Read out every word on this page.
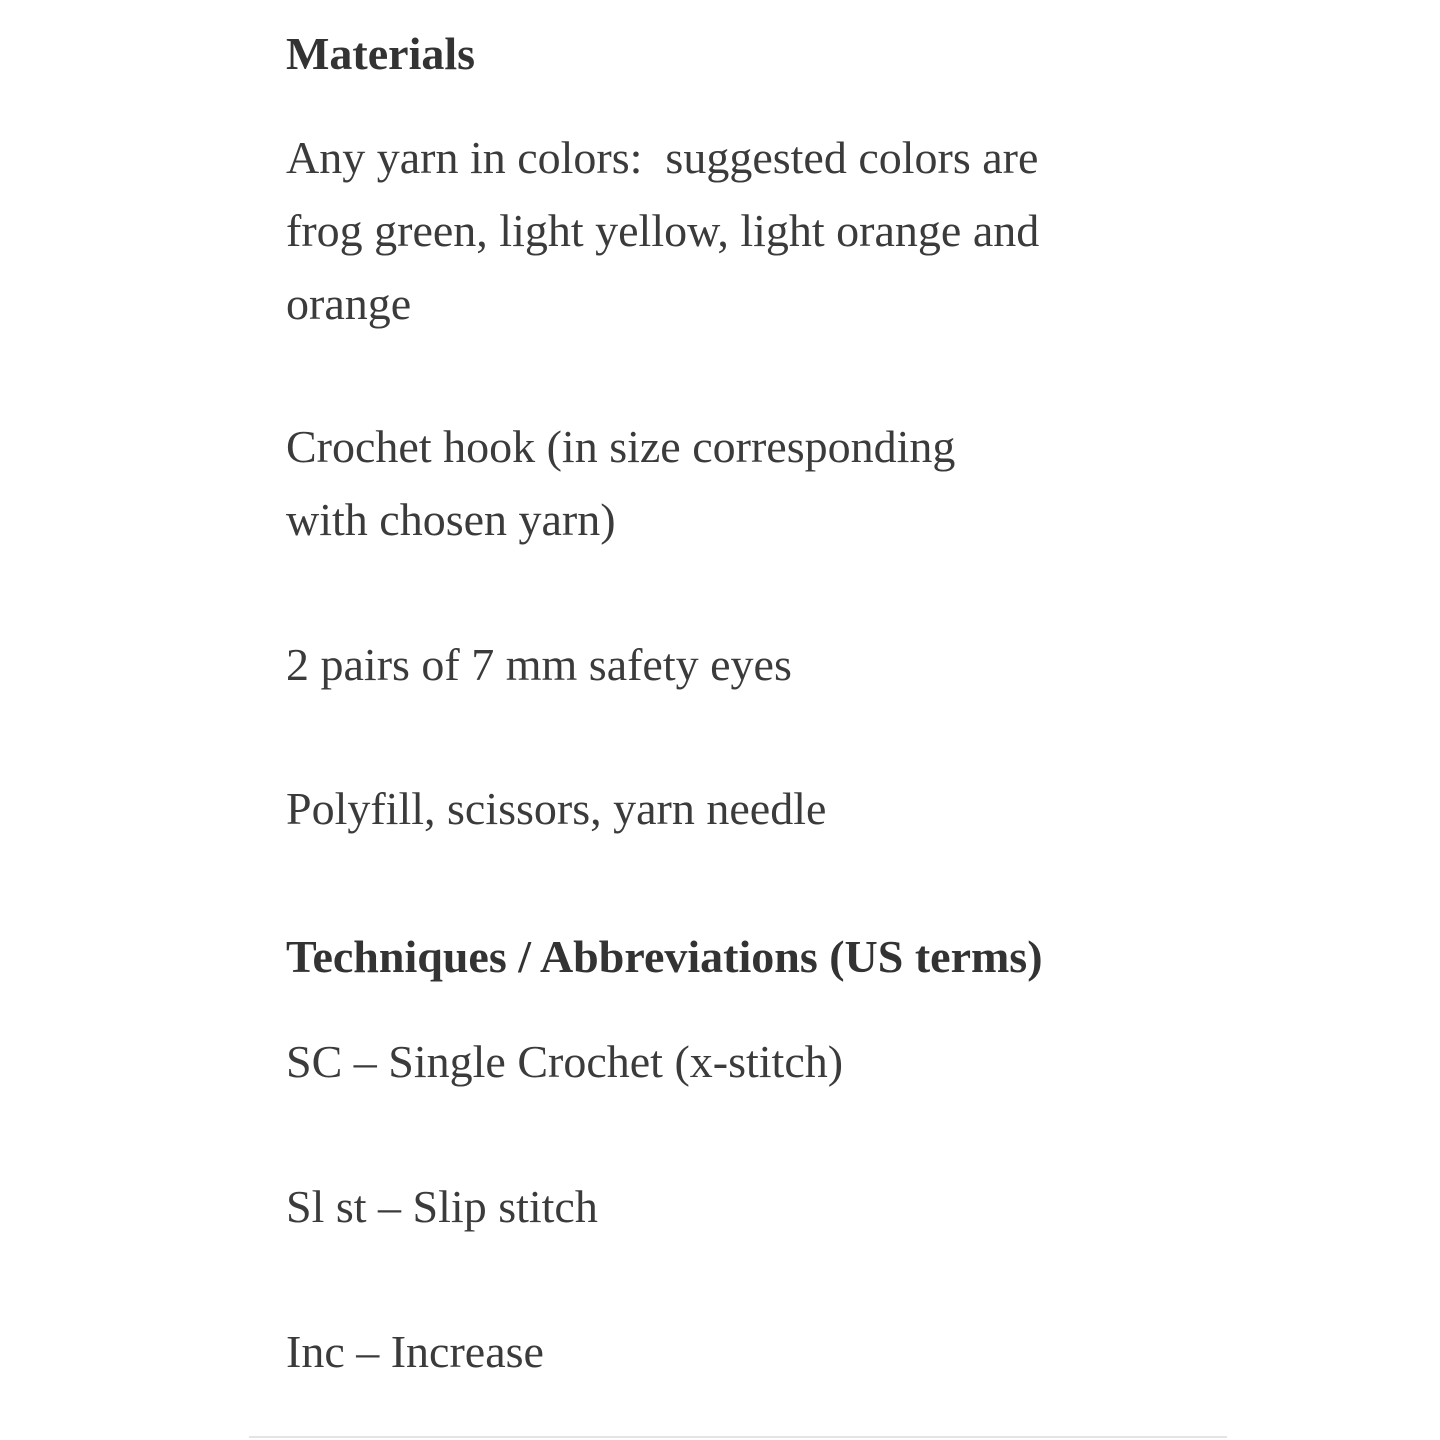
Materials

Any yarn in colors:  suggested colors are
frog green, light yellow, light orange and
orange

Crochet hook (in size corresponding
with chosen yarn)

2 pairs of 7 mm safety eyes

Polyfill, scissors, yarn needle

Techniques / Abbreviations (US terms)

SC – Single Crochet (x-stitch)

Sl st – Slip stitch

Inc – Increase
